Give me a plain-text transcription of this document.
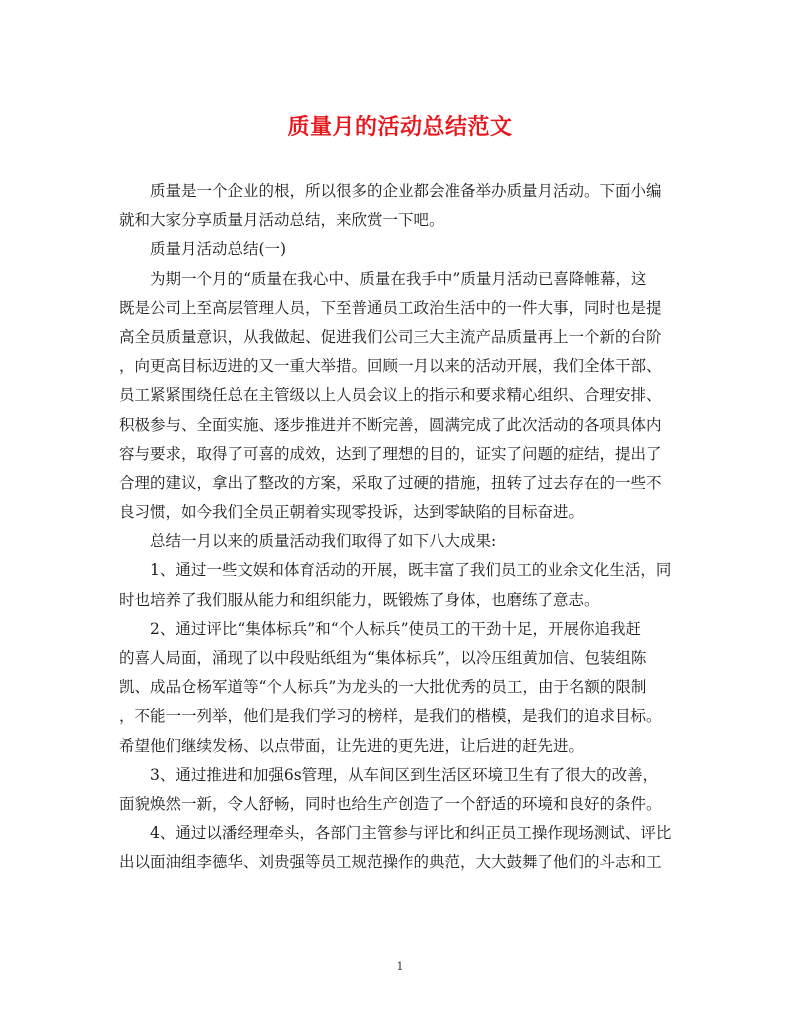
质量月的活动总结范文
质量是一个企业的根，所以很多的企业都会准备举办质量月活动。下面小编
就和大家分享质量月活动总结，来欣赏一下吧。
质量月活动总结(一)
为期一个月的“质量在我心中、质量在我手中”质量月活动已喜降帷幕，这
既是公司上至高层管理人员，下至普通员工政治生活中的一件大事，同时也是提
高全员质量意识，从我做起、促进我们公司三大主流产品质量再上一个新的台阶
，向更高目标迈进的又一重大举措。回顾一月以来的活动开展，我们全体干部、
员工紧紧围绕任总在主管级以上人员会议上的指示和要求精心组织、合理安排、
积极参与、全面实施、逐步推进并不断完善，圆满完成了此次活动的各项具体内
容与要求，取得了可喜的成效，达到了理想的目的，证实了问题的症结，提出了
合理的建议，拿出了整改的方案，采取了过硬的措施，扭转了过去存在的一些不
良习惯，如今我们全员正朝着实现零投诉，达到零缺陷的目标奋进。
总结一月以来的质量活动我们取得了如下八大成果:
1、通过一些文娱和体育活动的开展，既丰富了我们员工的业余文化生活，同
时也培养了我们服从能力和组织能力，既锻炼了身体，也磨练了意志。
2、通过评比“集体标兵”和“个人标兵”使员工的干劲十足，开展你追我赶
的喜人局面，涌现了以中段贴纸组为“集体标兵”，以冷压组黄加信、包装组陈
凯、成品仓杨军道等“个人标兵”为龙头的一大批优秀的员工，由于名额的限制
，不能一一列举，他们是我们学习的榜样，是我们的楷模，是我们的追求目标。
希望他们继续发杨、以点带面，让先进的更先进，让后进的赶先进。
3、通过推进和加强6s管理，从车间区到生活区环境卫生有了很大的改善，
面貌焕然一新，令人舒畅，同时也给生产创造了一个舒适的环境和良好的条件。
4、通过以潘经理牵头，各部门主管参与评比和纠正员工操作现场测试、评比
出以面油组李德华、刘贵强等员工规范操作的典范，大大鼓舞了他们的斗志和工
1
